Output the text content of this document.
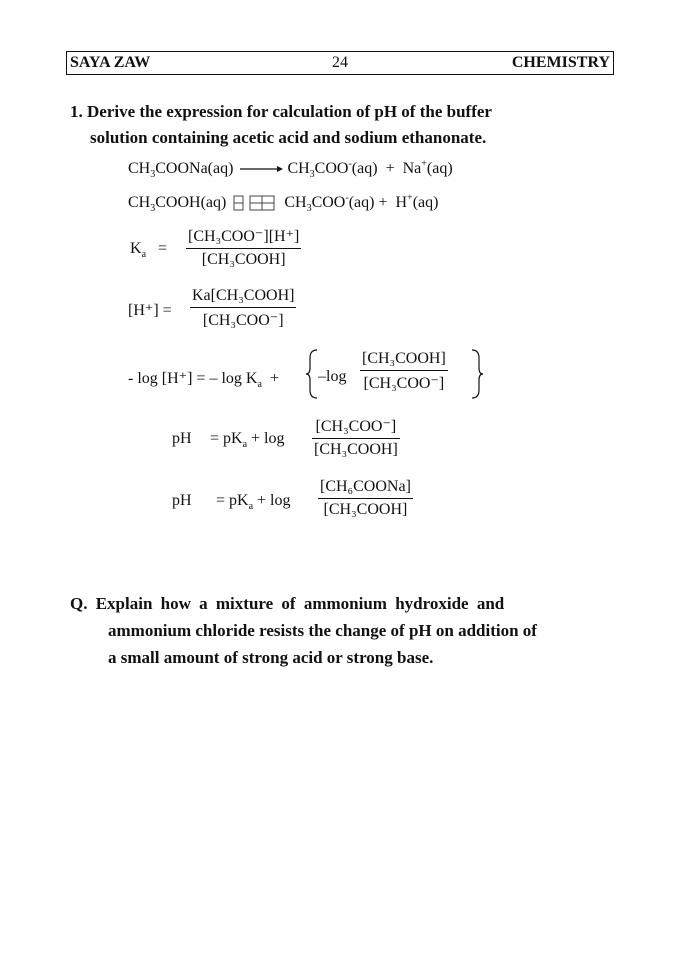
SAYA ZAW	24	CHEMISTRY
1. Derive the expression for calculation of pH of the buffer
solution containing acetic acid and sodium ethanonate.
$CH_3COONa(aq)$	$CH_3COO^-(aq) + Na^+(aq)$
$CH_3COOH(aq)$	$CH_3COO^-(aq) + H^+(aq)$
$K_a$ =
[CH₃COO⁻][H⁺]
[CH₃COOH]
[H⁺] =
Ka[CH₃COOH]
[CH₃COO⁻]
- log [H⁺] = – $\log K_a + -\log$
[CH₃COOH]
[CH₃COO⁻]
pH = $pK_a + \log$
[CH₃COO⁻]
[CH₃COOH]
pH = $pK_a + \log$
[CH₆COONa]
[CH₃COOH]
Q. Explain how a mixture of ammonium hydroxide and
ammonium chloride resists the change of pH on addition of
a small amount of strong acid or strong base.
